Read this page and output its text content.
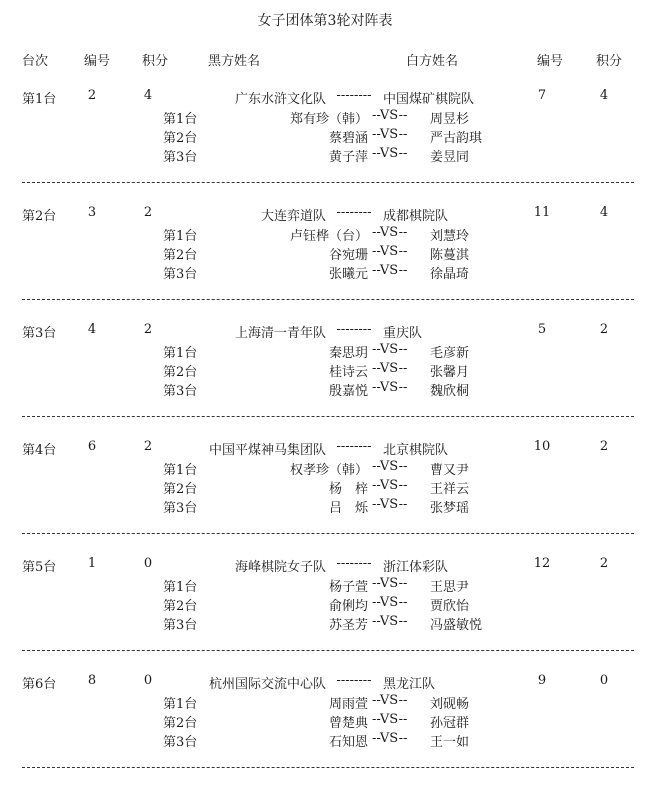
女子团体第3轮对阵表
台次	编号 积分	黑方姓名	白方姓名	编号	积分
第1台 2	4	广东水浒文化队 -------- 中国煤矿棋院队	7	4
第1台	郑有珍（韩） --VS-- 周昱杉
第2台	蔡碧涵 --VS-- 严古韵琪
第3台	黄子萍 --VS-- 姜昱同
第2台 3	2	大连弈道队 -------- 成都棋院队	11	4
第1台	卢钰桦（台） --VS-- 刘慧玲
第2台	谷宛珊 --VS-- 陈蔓淇
第3台	张曦元 --VS-- 徐晶琦
第3台 4	2	上海清一青年队 -------- 重庆队	5	2
第1台	秦思玥 --VS-- 毛彦新
第2台	桂诗云 --VS-- 张馨月
第3台	殷嘉悦 --VS-- 魏欣桐
第4台 6	2	中国平煤神马集团队 -------- 北京棋院队	10	2
第1台	权孝珍（韩） --VS-- 曹又尹
第2台	杨　梓 --VS-- 王祥云
第3台	吕　烁 --VS-- 张梦瑶
第5台 1	0	海峰棋院女子队 -------- 浙江体彩队	12	2
第1台	杨子萱 --VS-- 王思尹
第2台	俞俐均 --VS-- 贾欣怡
第3台	苏圣芳 --VS-- 冯盛敏悦
第6台 8	0	杭州国际交流中心队 -------- 黑龙江队	9	0
第1台	周雨萱 --VS-- 刘砚畅
第2台	曾楚典 --VS-- 孙冠群
第3台	石知恩 --VS-- 王一如
